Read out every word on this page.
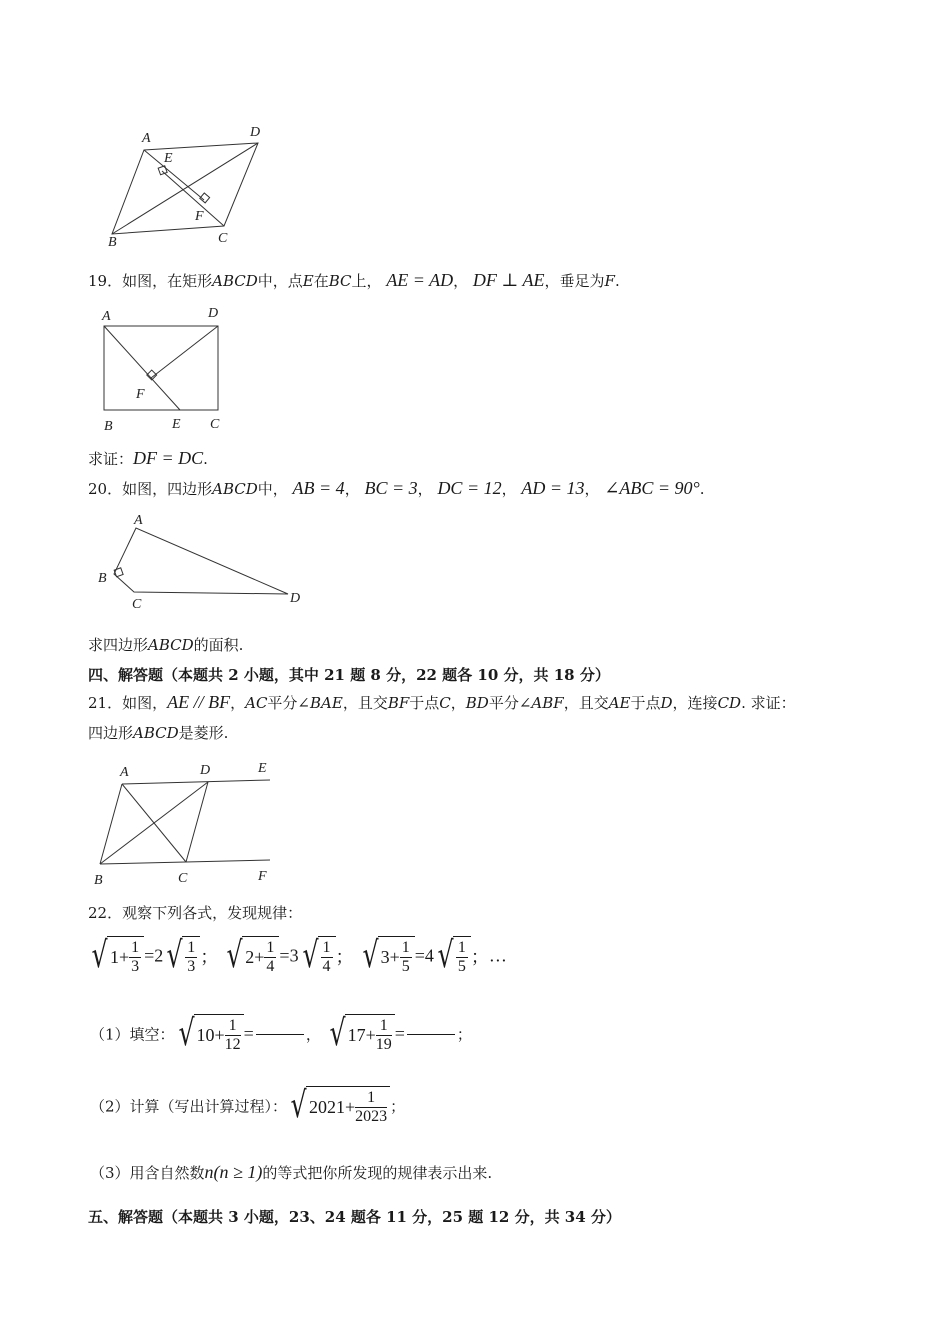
A	D
E
F
B	C
19．如图，在矩形ABCD中，点E在BC上， AE = AD， DF ⊥ AE，垂足为F.
A	D
F
B	E C
求证：DF = DC.
20．如图，四边形ABCD中， AB = 4， BC = 3， DC = 12， AD = 13， ∠ABC = 90°.
A
B
C	D
求四边形ABCD的面积.
四、解答题（本题共 2 小题，其中 21 题 8 分，22 题各 10 分，共 18 分）
21．如图，AE // BF，AC平分∠BAE，且交BF于点C，BD平分∠ABF，且交AE于点D，连接CD. 求证：
四边形ABCD是菱形.
A	D	E
B	C	F
22．观察下列各式，发现规律：
√ $1+ \frac{1}{3} =2√ \frac{1}{3}$ ； √ $2+ \frac{1}{4} =3√ \frac{1}{4}$ ； √ $3+ \frac{1}{5} =4√ \frac{1}{5}$ ；…
（1）填空：√ $10+ \frac{1}{12}$ =	， √ $17+ \frac{1}{19}$ =	；
（2）计算（写出计算过程）：√ $2021+ \frac{1}{2023}$ ；
（3）用含自然数n(n ≥ 1)的等式把你所发现的规律表示出来.
五、解答题（本题共 3 小题，23、24 题各 11 分，25 题 12 分，共 34 分）
